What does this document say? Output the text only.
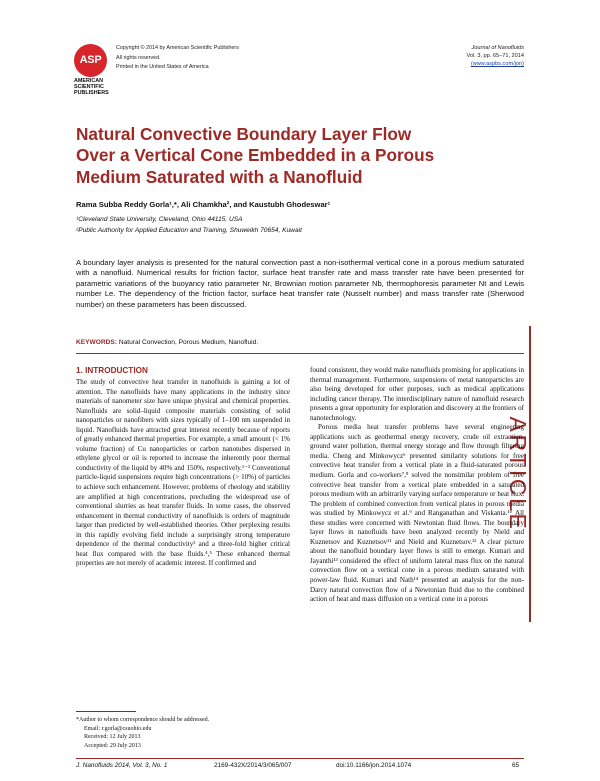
ASP
AMERICAN
SCIENTIFIC
PUBLISHERS
Copyright © 2014 by American Scientific Publishers
All rights reserved.
Printed in the United States of America
Journal of Nanofluids
Vol. 3, pp. 65–71, 2014
(www.aspbs.com/jon)
Natural Convective Boundary Layer Flow
Over a Vertical Cone Embedded in a Porous
Medium Saturated with a Nanofluid
Rama Subba Reddy Gorla¹,*, Ali Chamkha², and Kaustubh Ghodeswar¹
¹Cleveland State University, Cleveland, Ohio 44115, USA
²Public Authority for Applied Education and Training, Shuweikh 70654, Kuwait
A boundary layer analysis is presented for the natural convection past a non-isothermal vertical cone in a porous medium saturated with a nanofluid. Numerical results for friction factor, surface heat transfer rate and mass transfer rate have been presented for parametric variations of the buoyancy ratio parameter Nr, Brownian motion parameter Nb, thermophoresis parameter Nt and Lewis number Le. The dependency of the friction factor, surface heat transfer rate (Nusselt number) and mass transfer rate (Sherwood number) on these parameters has been discussed.
KEYWORDS: Natural Convection, Porous Medium, Nanofluid.
ARTICLE
1. INTRODUCTION

The study of convective heat transfer in nanofluids is gaining a lot of attention. The nanofluids have many applications in the industry since materials of nanometer size have unique physical and chemical properties. Nanofluids are solid–liquid composite materials consisting of solid nanoparticles or nanofibers with sizes typically of 1–100 nm suspended in liquid. Nanofluids have attracted great interest recently because of reports of greatly enhanced thermal properties. For example, a small amount (< 1% volume fraction) of Cu nanoparticles or carbon nanotubes dispersed in ethylene glycol or oil is reported to increase the inherently poor thermal conductivity of the liquid by 40% and 150%, respectively.¹⁻³ Conventional particle-liquid suspensions require high concentrations (> 10%) of particles to achieve such enhancement. However, problems of rheology and stability are amplified at high concentrations, precluding the widespread use of conventional slurries as heat transfer fluids. In some cases, the observed enhancement in thermal conductivity of nanofluids is orders of magnitude larger than predicted by well-established theories. Other perplexing results in this rapidly evolving field include a surprisingly strong temperature dependence of the thermal conductivity³ and a three-fold higher critical heat flux compared with the base fluids.⁴,⁵ These enhanced thermal properties are not merely of academic interest. If confirmed and

found consistent, they would make nanofluids promising for applications in thermal management. Furthermore, suspensions of metal nanoparticles are also being developed for other purposes, such as medical applications including cancer therapy. The interdisciplinary nature of nanofluid research presents a great opportunity for exploration and discovery at the frontiers of nanotechnology.

Porous media heat transfer problems have several engineering applications such as geothermal energy recovery, crude oil extraction, ground water pollution, thermal energy storage and flow through filtering media. Cheng and Minkowycz⁶ presented similarity solutions for free convective heat transfer from a vertical plate in a fluid-saturated porous medium. Gorla and co-workers⁷,⁸ solved the nonsimilar problem of free convective heat transfer from a vertical plate embedded in a saturated porous medium with an arbitrarily varying surface temperature or heat flux. The problem of combined convection from vertical plates in porous media was studied by Minkowycz et al.⁹ and Ranganathan and Viskanta.¹⁰ All these studies were concerned with Newtonian fluid flows. The boundary layer flows in nanofluids have been analyzed recently by Nield and Kuznetsov and Kuznetsov¹¹ and Nield and Kuznetsov.¹² A clear picture about the nanofluid boundary layer flows is still to emerge. Kumari and Jayanthi¹³ considered the effect of uniform lateral mass flux on the natural convection flow on a vertical cone in a porous medium saturated with power-law fluid. Kumari and Nath¹⁴ presented an analysis for the non-Darcy natural convection flow of a Newtonian fluid due to the combined action of heat and mass diffusion on a vertical cone in a porous

*Author to whom correspondence should be addressed.
Email: r.gorla@csuohio.edu
Received: 12 July 2013
Accepted: 29 July 2013
J. Nanofluids 2014, Vol. 3, No. 1	2169-432X/2014/3/065/007	doi:10.1166/jon.2014.1074	65
